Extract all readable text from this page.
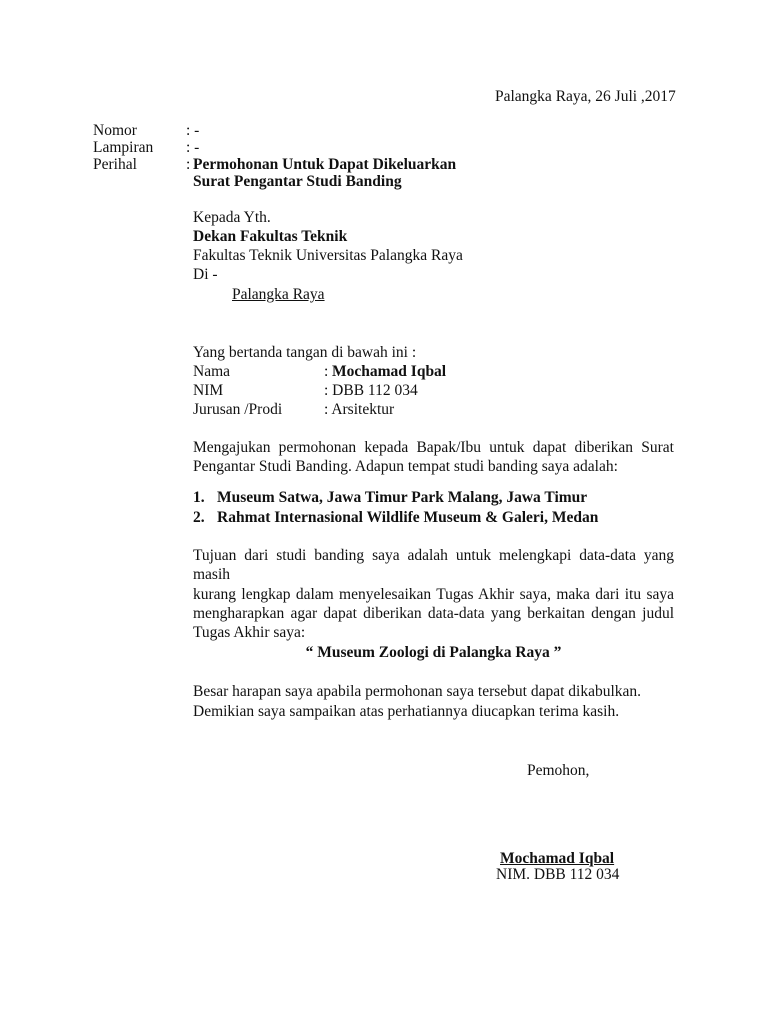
Palangka Raya, 26 Juli ,2017
Nomor	: -
Lampiran	: -
Perihal	: Permohonan Untuk Dapat Dikeluarkan
Surat Pengantar Studi Banding
Kepada Yth.
Dekan Fakultas Teknik
Fakultas Teknik Universitas Palangka Raya
Di -
Palangka Raya
Yang bertanda tangan di bawah ini :
Nama	: Mochamad Iqbal
NIM	: DBB 112 034
Jurusan /Prodi	: Arsitektur
Mengajukan permohonan kepada Bapak/Ibu untuk dapat diberikan Surat
Pengantar Studi Banding. Adapun tempat studi banding saya adalah:
1. Museum Satwa, Jawa Timur Park Malang, Jawa Timur
2. Rahmat Internasional Wildlife Museum & Galeri, Medan
Tujuan dari studi banding saya adalah untuk melengkapi data-data yang masih
kurang lengkap dalam menyelesaikan Tugas Akhir saya, maka dari itu saya
mengharapkan agar dapat diberikan data-data yang berkaitan dengan judul
Tugas Akhir saya:
“ Museum Zoologi di Palangka Raya ”
Besar harapan saya apabila permohonan saya tersebut dapat dikabulkan.
Demikian saya sampaikan atas perhatiannya diucapkan terima kasih.
Pemohon,
Mochamad Iqbal
NIM. DBB 112 034
